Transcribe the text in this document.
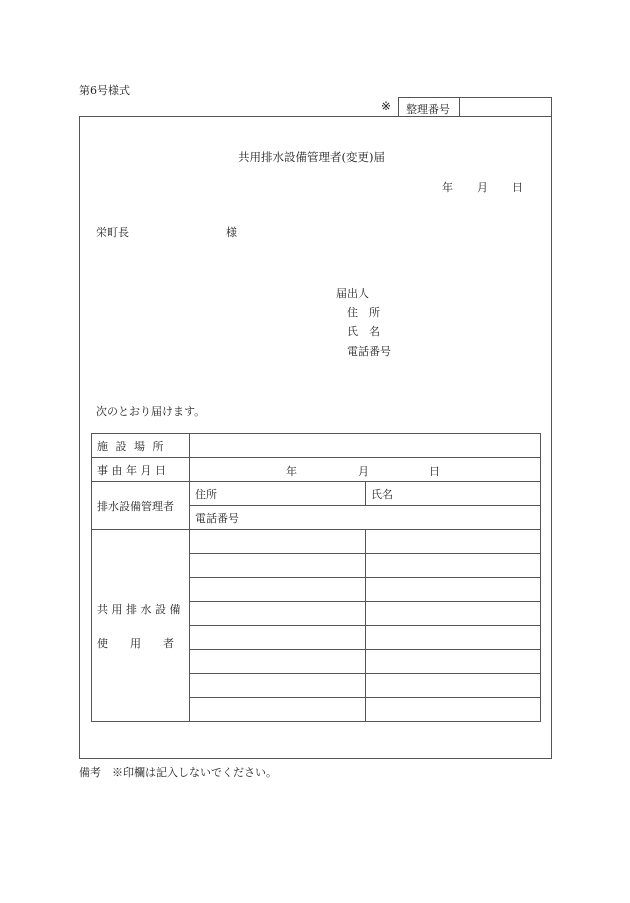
第6号様式
※ 整理番号
共用排水設備管理者(変更)届
年 月 日
栄町長	様
届出人
住　所
氏　名
電話番号
次のとおり届けます。
施 設 場 所		
事 由 年 月 日	年 月 日	

排水設備管理者	住所	氏名
	電話番号	

共 用 排 水 設 備
使　　用　　者		

備考　※印欄は記入しないでください。
